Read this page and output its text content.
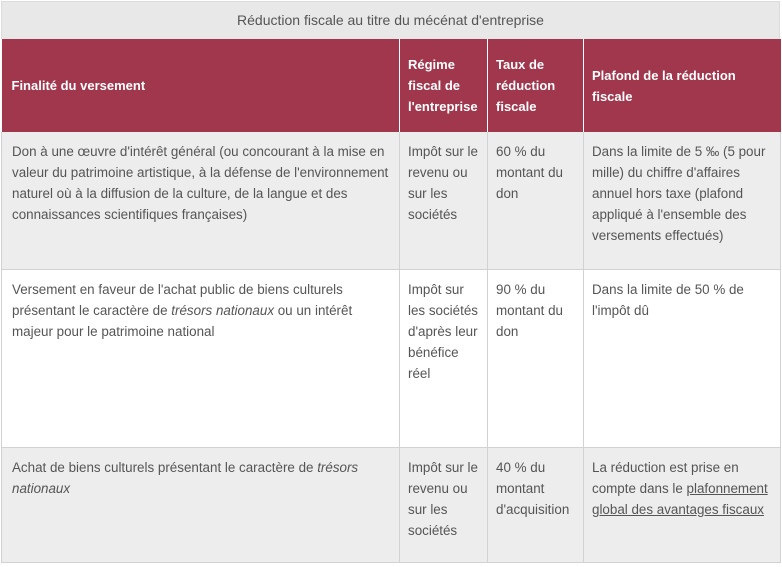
Réduction fiscale au titre du mécénat d'entreprise
Finalité du versement	Régime fiscal de l'entreprise	Taux de réduction fiscale	Plafond de la réduction fiscale
Don à une œuvre d'intérêt général (ou concourant à la mise en valeur du patrimoine artistique, à la défense de l'environnement naturel où à la diffusion de la culture, de la langue et des connaissances scientifiques françaises)	Impôt sur le revenu ou sur les sociétés	60 % du montant du don	Dans la limite de 5 ‰ (5 pour mille) du chiffre d'affaires annuel hors taxe (plafond appliqué à l'ensemble des versements effectués)
Versement en faveur de l'achat public de biens culturels présentant le caractère de trésors nationaux ou un intérêt majeur pour le patrimoine national	Impôt sur les sociétés d'après leur bénéfice réel	90 % du montant du don	Dans la limite de 50 % de l'impôt dû
Achat de biens culturels présentant le caractère de trésors nationaux	Impôt sur le revenu ou sur les sociétés	40 % du montant d'acquisition	La réduction est prise en compte dans le plafonnement global des avantages fiscaux
